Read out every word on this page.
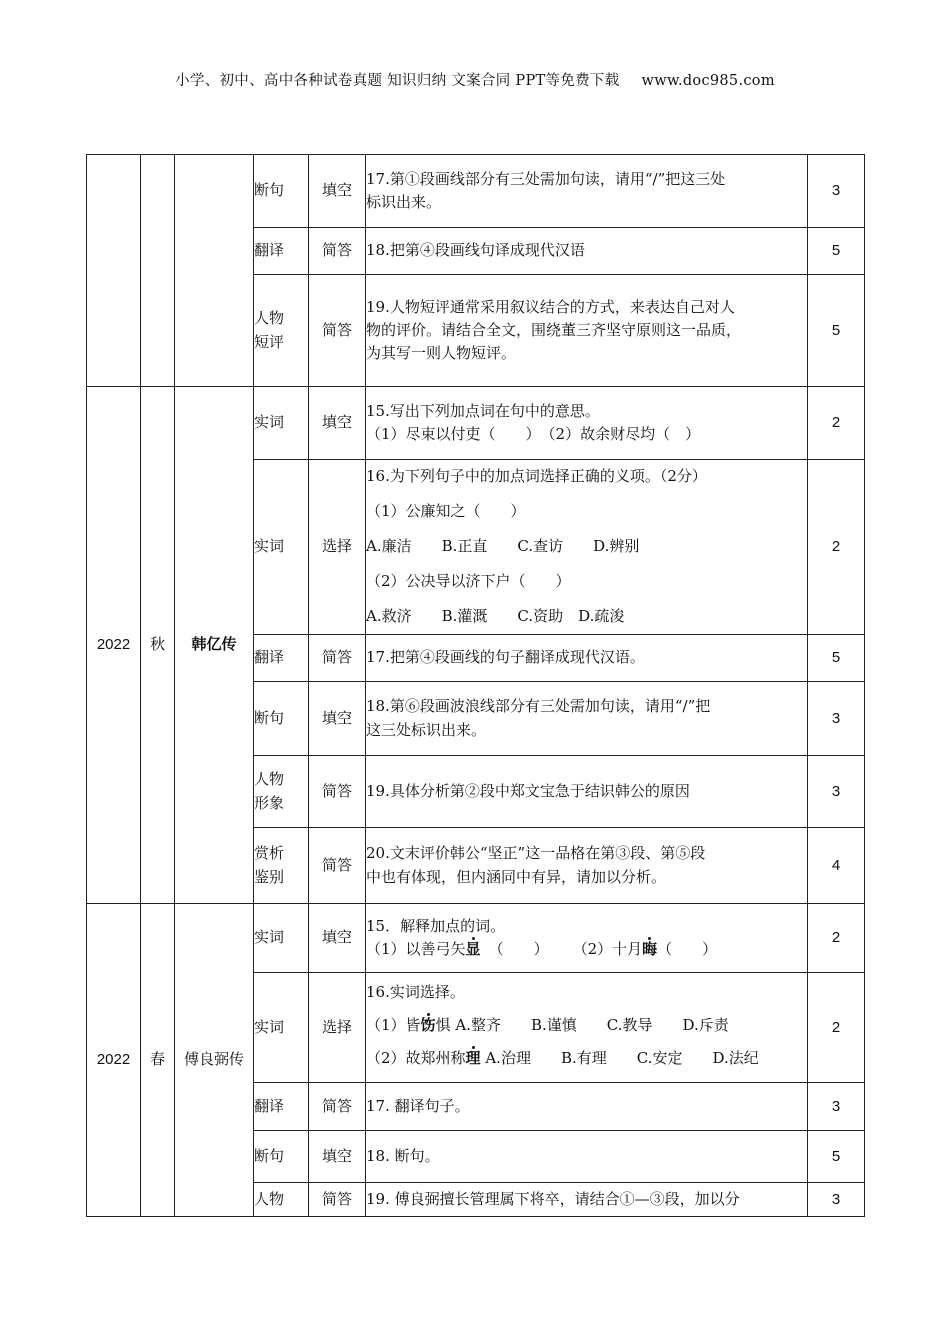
小学、初中、高中各种试卷真题 知识归纳 文案合同 PPT等免费下载 www.doc985.com
			断句	填空	17.第①段画线部分有三处需加句读，请用“/”把这三处
标识出来。	3
			翻译	简答	18.把第④段画线句译成现代汉语	5

			人物
短评	简答	19.人物短评通常采用叙议结合的方式，来表达自己对人
物的评价。请结合全文，围绕董三齐坚守原则这一品质，
为其写一则人物短评。	5
2022	秋	韩亿传	实词	填空	15.写出下列加点词在句中的意思。
（1）尽束以付吏（　　）　（2）故余财尽均（　）	2
			实词	选择	16.为下列句子中的加点词选择正确的义项。（2分）
（1）公廉知之（　　）
A.廉洁　　B.正直　　C.查访　　D.辨别
（2）公决导以济下户（　　）
A.救济　　B.灌溉　　C.资助　D.疏浚	2
			翻译	简答	17.把第④段画线的句子翻译成现代汉语。	5
			断句	填空	18.第⑥段画波浪线部分有三处需加句读，请用“/”把
这三处标识出来。	3

			人物
形象	简答	19.具体分析第②段中郑文宝急于结识韩公的原因	3

			赏析
鉴别	简答	20.文末评价韩公“坚正”这一品格在第③段、第⑤段
中也有体现，但内涵同中有异，请加以分析。	4
2022	春	傅良弼传	实词	填空	15．解释加点的词。
（1）以善弓矢显 （　　） （2）十月晦（　　）	2
			实词	选择	16.实词选择。
（1）皆饬惧 A.整齐　　B.谨慎　　C.教导　　D.斥责
（2）故郑州称理 A.治理　　B.有理　　C.安定　　D.法纪	2
			翻译	简答	17. 翻译句子。	3
			断句	填空	18. 断句。	5
			人物	简答	19. 傅良弼擅长管理属下将卒，请结合①—③段，加以分	3
